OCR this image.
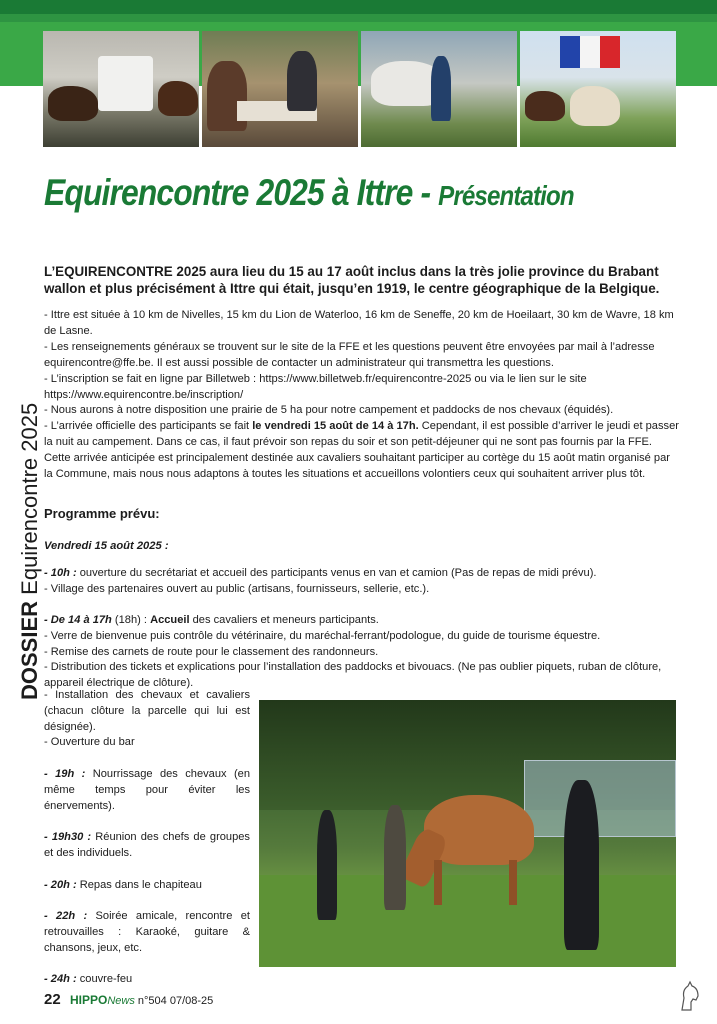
Equirencontre 2025 à Ittre - Présentation
DOSSIER Equirencontre 2025

L’EQUIRENCONTRE 2025 aura lieu du 15 au 17 août inclus dans la très jolie province du Brabant wallon et plus précisément à Ittre qui était, jusqu’en 1919, le centre géographique de la Belgique.

- Ittre est située à 10 km de Nivelles, 15 km du Lion de Waterloo, 16 km de Seneffe, 20 km de Hoeilaart, 30 km de Wavre, 18 km de Lasne.

- Les renseignements généraux se trouvent sur le site de la FFE et les questions peuvent être envoyées par mail à l’adresse equirencontre@ffe.be. Il est aussi possible de contacter un administrateur qui transmettra les questions.

- L’inscription se fait en ligne par Billetweb : https://www.billetweb.fr/equirencontre-2025 ou via le lien sur le site https://www.equirencontre.be/inscription/

- Nous aurons à notre disposition une prairie de 5 ha pour notre campement et paddocks de nos chevaux (équidés).

- L’arrivée officielle des participants se fait le vendredi 15 août de 14 à 17h. Cependant, il est possible d’arriver le jeudi et passer la nuit au campement. Dans ce cas, il faut prévoir son repas du soir et son petit-déjeuner qui ne sont pas fournis par la FFE. Cette arrivée anticipée est principalement destinée aux cavaliers souhaitant participer au cortège du 15 août matin organisé par la Commune, mais nous nous adaptons à toutes les situations et accueillons volontiers ceux qui souhaitent arriver plus tôt.

Programme prévu:

Vendredi 15 août 2025 :

- 10h : ouverture du secrétariat et accueil des participants venus en van et camion (Pas de repas de midi prévu).

- Village des partenaires ouvert au public (artisans, fournisseurs, sellerie, etc.).

- De 14 à 17h (18h) : Accueil des cavaliers et meneurs participants.

- Verre de bienvenue puis contrôle du vétérinaire, du maréchal-ferrant/podologue, du guide de tourisme équestre.

- Remise des carnets de route pour le classement des randonneurs.

- Distribution des tickets et explications pour l’installation des paddocks et bivouacs. (Ne pas oublier piquets, ruban de clôture, appareil électrique de clôture).

- Installation des chevaux et cavaliers (chacun clôture la parcelle qui lui est désignée).

- Ouverture du bar

- 19h : Nourrissage des chevaux (en même temps pour éviter les énervements).

- 19h30 : Réunion des chefs de groupes et des individuels.

- 20h : Repas dans le chapiteau

- 22h : Soirée amicale, rencontre et retrouvailles : Karaoké, guitare & chansons, jeux, etc.

- 24h : couvre-feu

22 HIPPONews n°504 07/08-25
